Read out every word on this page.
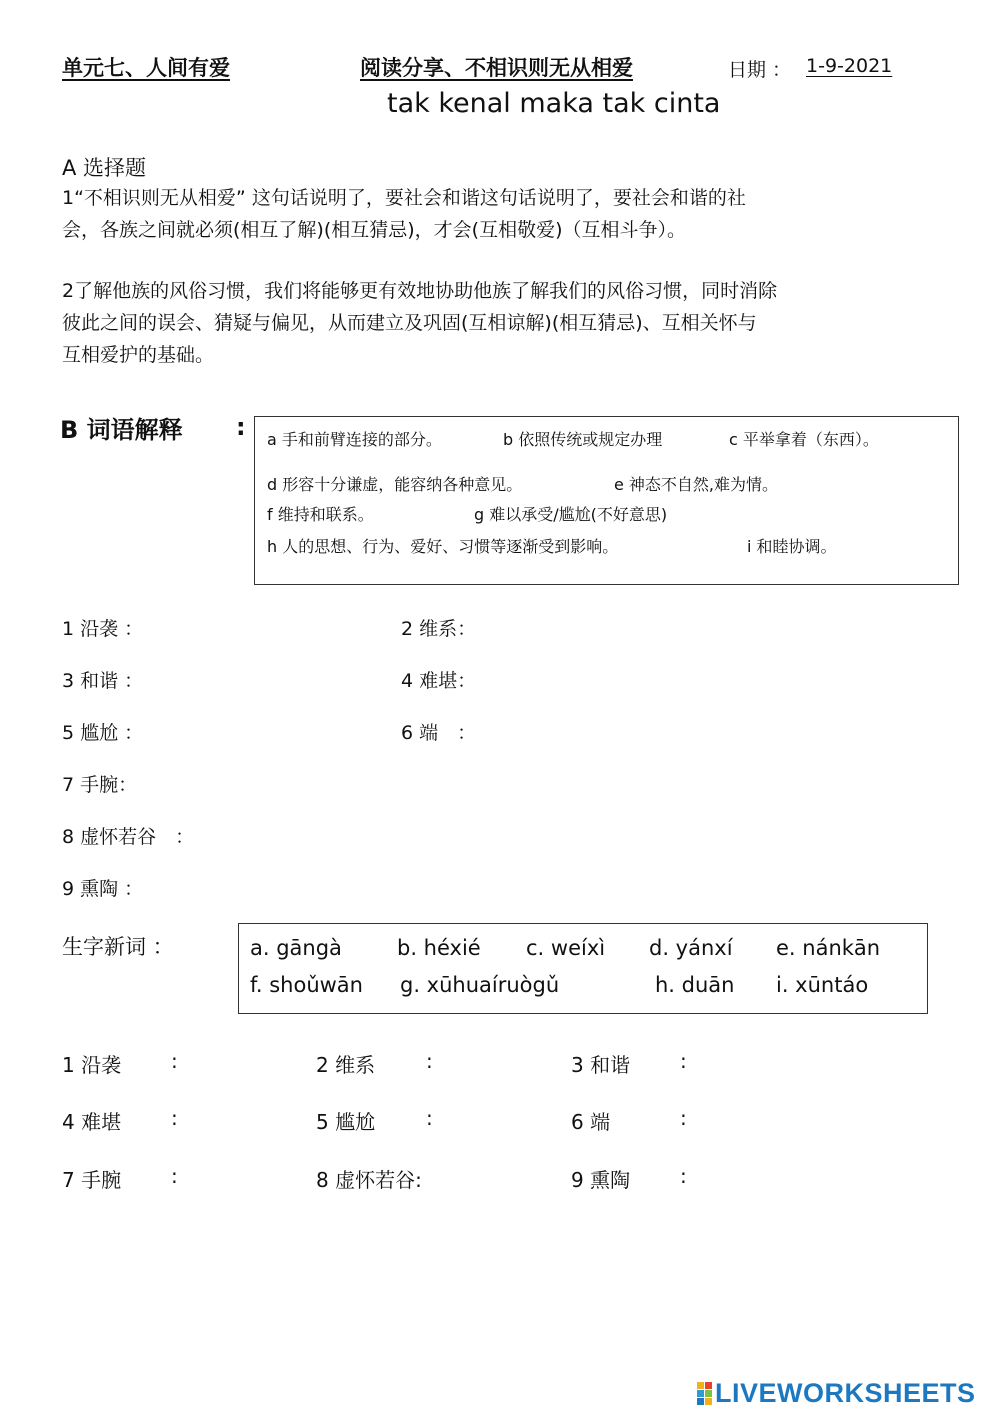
单元七、人间有爱	阅读分享、不相识则无从相爱	日期 ： 1-9-2021
tak kenal maka tak cinta
A 选择题
1“不相识则无从相爱” 这句话说明了，要社会和谐这句话说明了，要社会和谐的社
会，各族之间就必须(相互了解)(相互猜忌)，才会(互相敬爱)（互相斗争）。
2了解他族的风俗习惯，我们将能够更有效地协助他族了解我们的风俗习惯，同时消除
彼此之间的误会、猜疑与偏见，从而建立及巩固(互相谅解)(相互猜忌)、互相关怀与
互相爱护的基础。
B 词语解释 : a 手和前臂连接的部分。	b 依照传统或规定办理	c 平举拿着（东西）。
d 形容十分谦虚，能容纳各种意见。	e 神态不自然,难为情。
f 维持和联系。	g 难以承受/尴尬(不好意思)
h 人的思想、行为、爱好、习惯等逐渐受到影响。	i 和睦协调。
1 沿袭 ：	2 维系：
3 和谐 ：	4 难堪：
5 尴尬 ：	6 端　：
7 手腕：
8 虚怀若谷　：
9 熏陶 ：
生字新词 ：	a. gāngà	b. héxié c. weíxì d. yánxí e. nánkān
f. shoǔwān g. xūhuaíruògǔ	h. duān i. xūntáo
1 沿袭 :	2 维系	:	3 和谐 :
4 难堪 :	5 尴尬	:	6 端	:
7 手腕 :	8 虚怀若谷:	9 熏陶 :
LIVEWORKSHEETS
